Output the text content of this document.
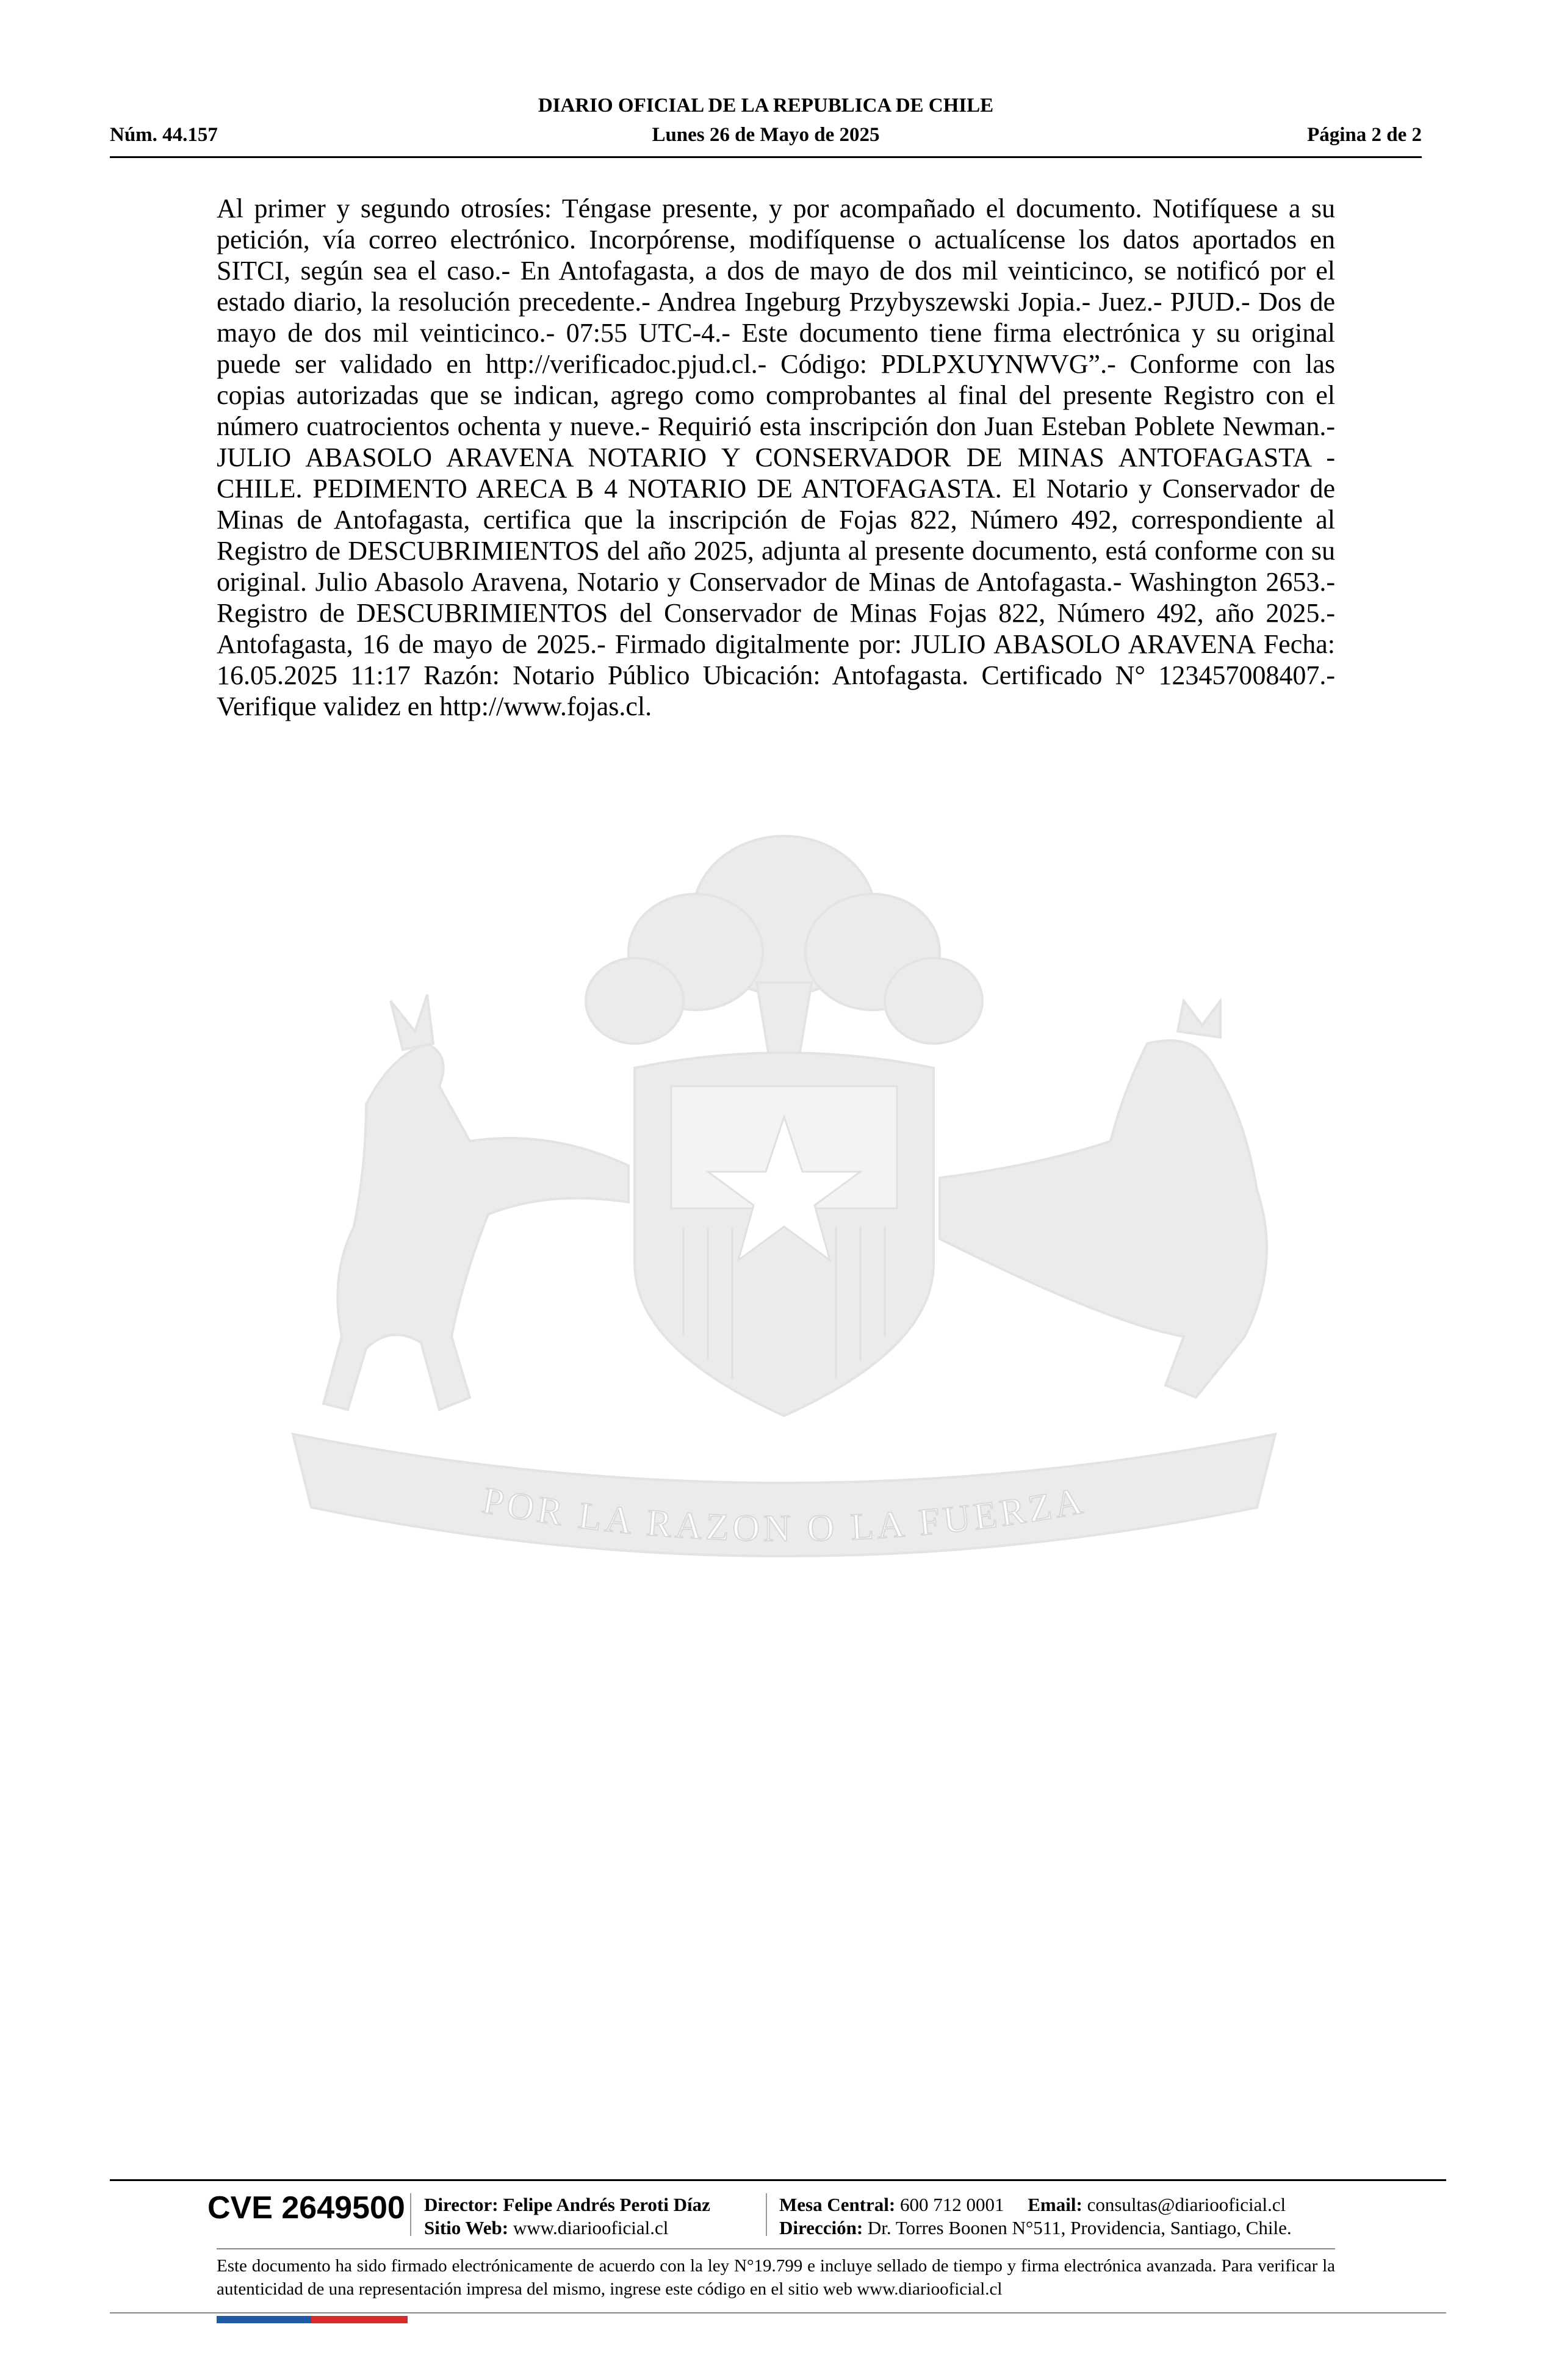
DIARIO OFICIAL DE LA REPUBLICA DE CHILE
Núm. 44.157	Lunes 26 de Mayo de 2025	Página 2 de 2

Al primer y segundo otrosíes: Téngase presente, y por acompañado el documento. Notifíquese a su petición, vía correo electrónico. Incorpórense, modifíquense o actualícense los datos aportados en SITCI, según sea el caso.- En Antofagasta, a dos de mayo de dos mil veinticinco, se notificó por el estado diario, la resolución precedente.- Andrea Ingeburg Przybyszewski Jopia.- Juez.- PJUD.- Dos de mayo de dos mil veinticinco.- 07:55 UTC-4.- Este documento tiene firma electrónica y su original puede ser validado en http://verificadoc.pjud.cl.- Código: PDLPXUYNWVG”.- Conforme con las copias autorizadas que se indican, agrego como comprobantes al final del presente Registro con el número cuatrocientos ochenta y nueve.- Requirió esta inscripción don Juan Esteban Poblete Newman.- JULIO ABASOLO ARAVENA NOTARIO Y CONSERVADOR DE MINAS ANTOFAGASTA - CHILE. PEDIMENTO ARECA B 4 NOTARIO DE ANTOFAGASTA. El Notario y Conservador de Minas de Antofagasta, certifica que la inscripción de Fojas 822, Número 492, correspondiente al Registro de DESCUBRIMIENTOS del año 2025, adjunta al presente documento, está conforme con su original. Julio Abasolo Aravena, Notario y Conservador de Minas de Antofagasta.- Washington 2653.- Registro de DESCUBRIMIENTOS del Conservador de Minas Fojas 822, Número 492, año 2025.- Antofagasta, 16 de mayo de 2025.- Firmado digitalmente por: JULIO ABASOLO ARAVENA Fecha: 16.05.2025 11:17 Razón: Notario Público Ubicación: Antofagasta. Certificado N° 123457008407.- Verifique validez en http://www.fojas.cl.

POR LA RAZON O LA FUERZA
CVE 2649500 Director: Felipe Andrés Peroti Díaz
Sitio Web: www.diariooficial.cl
Mesa Central: 600 712 0001 Email: consultas@diariooficial.cl
Dirección: Dr. Torres Boonen N°511, Providencia, Santiago, Chile.

Este documento ha sido firmado electrónicamente de acuerdo con la ley N°19.799 e incluye sellado de tiempo y firma electrónica avanzada. Para verificar la autenticidad de una representación impresa del mismo, ingrese este código en el sitio web www.diariooficial.cl
